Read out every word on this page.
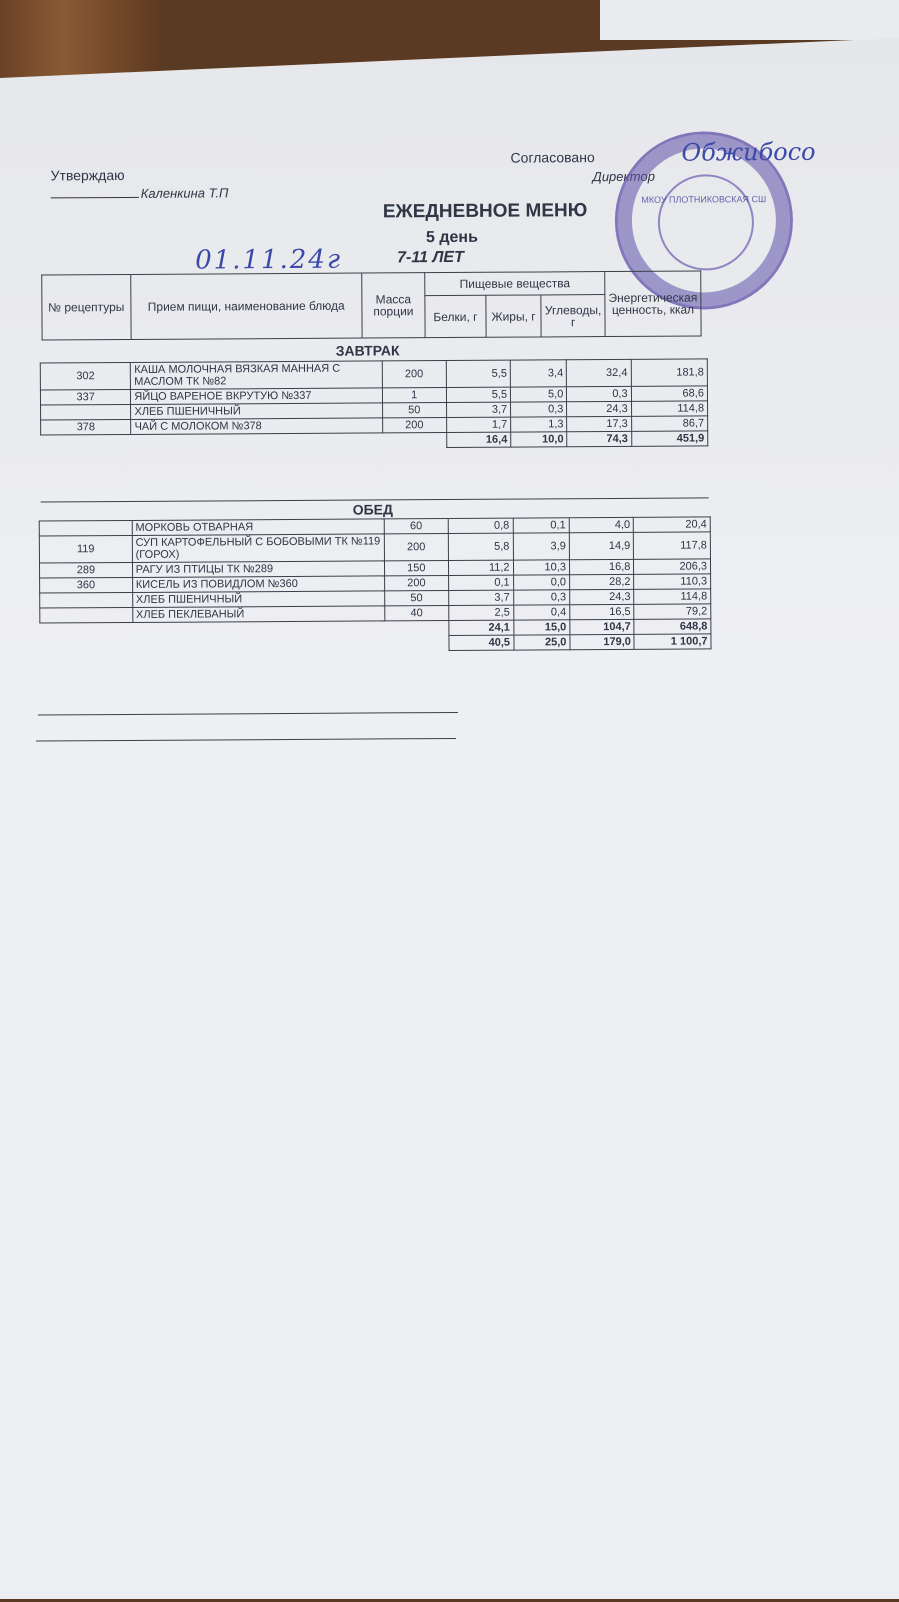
Утверждаю
Каленкина Т.П
Согласовано
Директор
МКОУ ПЛОТНИКОВСКАЯ СШ
Обжибосо
ЕЖЕДНЕВНОЕ МЕНЮ
5 день
01.11.24г	7-11 ЛЕТ
№ рецептуры	Прием пищи, наименование блюда	Масса порции	Пищевые вещества			Энергетическая ценность, ккал
			Белки, г	Жиры, г	Углеводы, г	
ЗАВТРАК
302	КАША МОЛОЧНАЯ ВЯЗКАЯ МАННАЯ С МАСЛОМ ТК №82	200	5,5	3,4	32,4	181,8
337	ЯЙЦО ВАРЕНОЕ ВКРУТУЮ №337	1	5,5	5,0	0,3	68,6
	ХЛЕБ ПШЕНИЧНЫЙ	50	3,7	0,3	24,3	114,8
378	ЧАЙ С МОЛОКОМ №378	200	1,7	1,3	17,3	86,7
			16,4	10,0	74,3	451,9
ОБЕД
	МОРКОВЬ ОТВАРНАЯ	60	0,8	0,1	4,0	20,4
119	СУП КАРТОФЕЛЬНЫЙ С БОБОВЫМИ ТК №119 (ГОРОХ)	200	5,8	3,9	14,9	117,8
289	РАГУ ИЗ ПТИЦЫ ТК №289	150	11,2	10,3	16,8	206,3
360	КИСЕЛЬ ИЗ ПОВИДЛОМ №360	200	0,1	0,0	28,2	110,3
	ХЛЕБ ПШЕНИЧНЫЙ	50	3,7	0,3	24,3	114,8
	ХЛЕБ ПЕКЛЕВАНЫЙ	40	2,5	0,4	16,5	79,2
			24,1	15,0	104,7	648,8
			40,5	25,0	179,0	1 100,7
